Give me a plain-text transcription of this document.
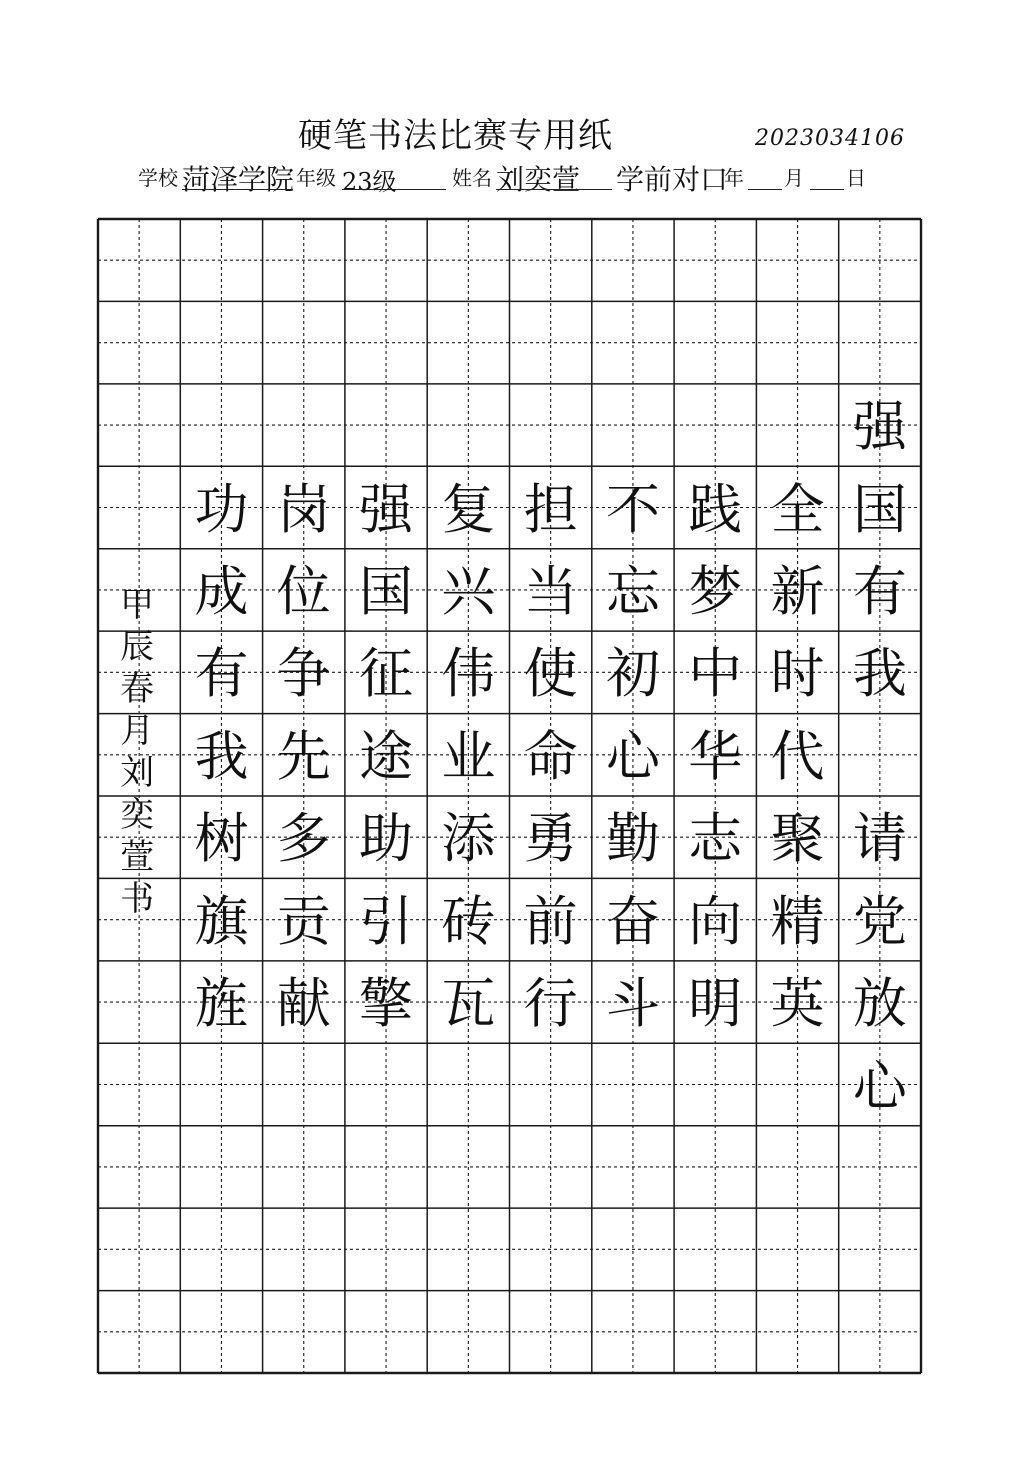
硬笔书法比赛专用纸	2023034106
学校 菏泽学院 年级 23级	姓名 刘奕萱 学前对口
年 月 日
强
国
有
我
请
党
放
心
全
新
时
代
聚
精
英
践
梦
中
华
志
向
明
不
忘
初
心
勤
奋
斗
担
当
使
命
勇
前
行
复
兴
伟
业
添
砖
瓦
强
国
征
途
助
引
擎
岗
位
争
先
多
贡
献
功
成
有
我
树
旗
旌
甲
辰
春
月
刘
奕
萱
书
